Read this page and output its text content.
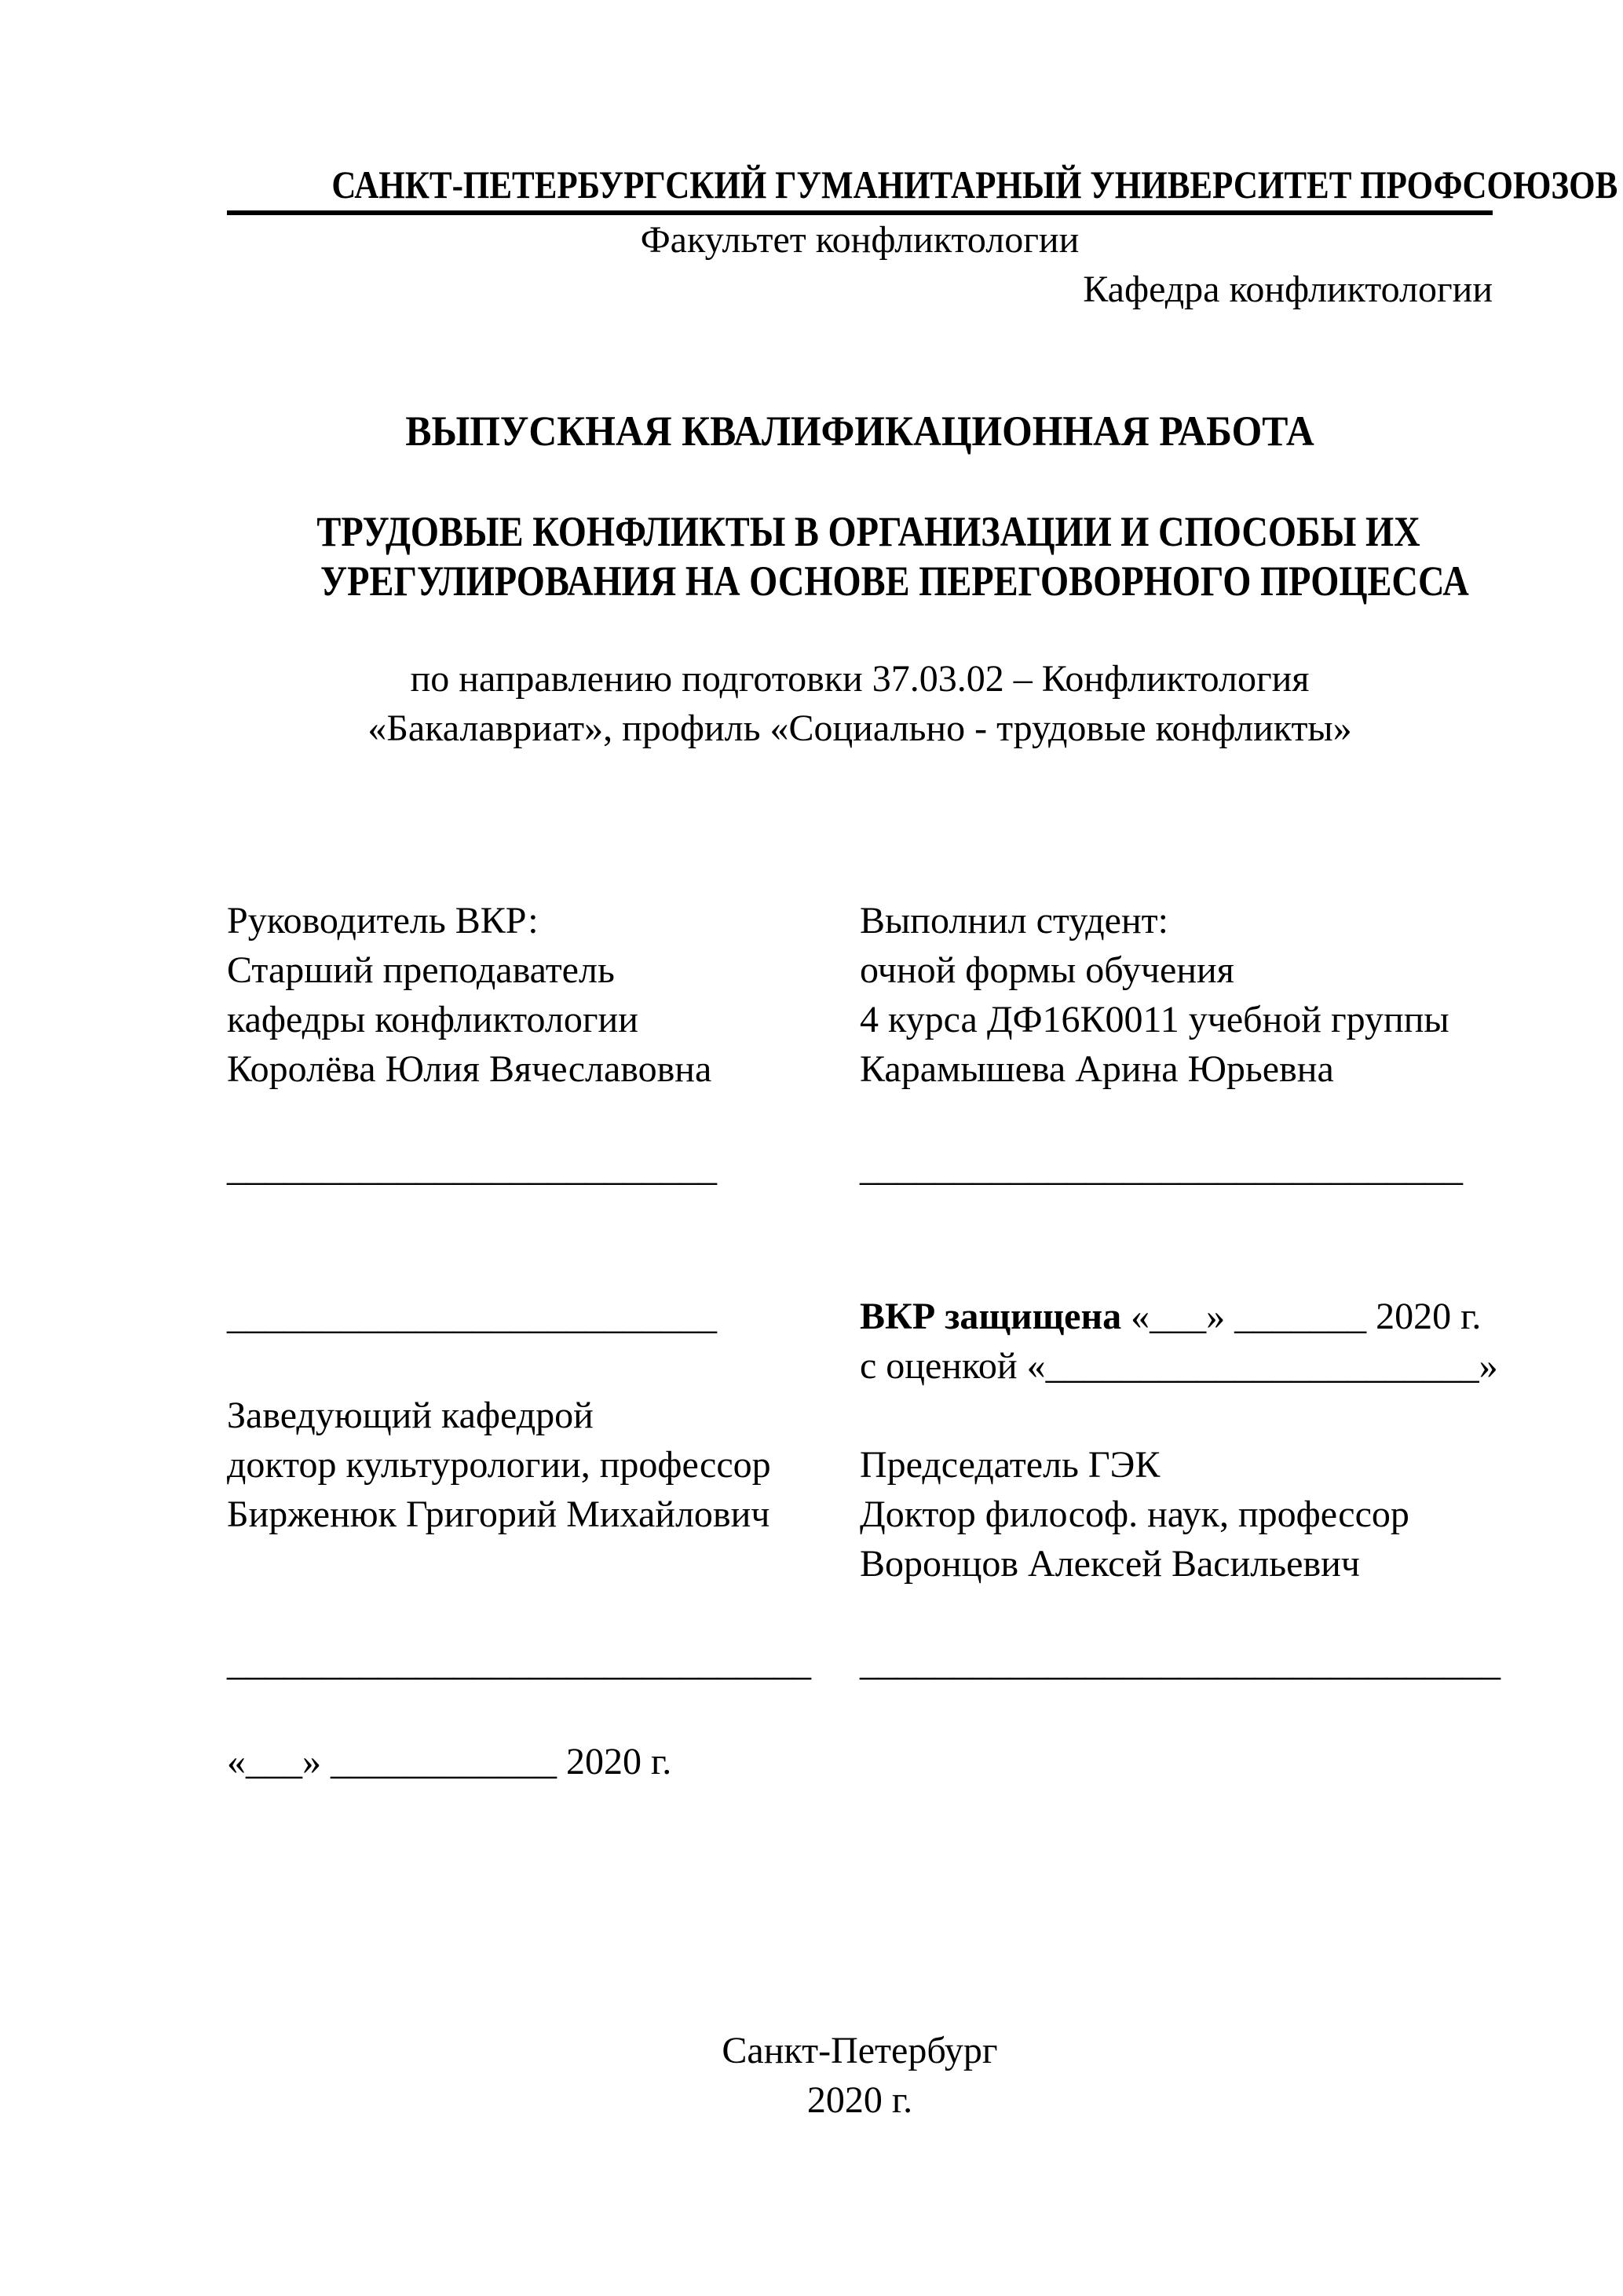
САНКТ-ПЕТЕРБУРГСКИЙ ГУМАНИТАРНЫЙ УНИВЕРСИТЕТ ПРОФСОЮЗОВ
Факультет конфликтологии
Кафедра конфликтологии
ВЫПУСКНАЯ КВАЛИФИКАЦИОННАЯ РАБОТА
ТРУДОВЫЕ КОНФЛИКТЫ В ОРГАНИЗАЦИИ И СПОСОБЫ ИХ
УРЕГУЛИРОВАНИЯ НА ОСНОВЕ ПЕРЕГОВОРНОГО ПРОЦЕССА
по направлению подготовки 37.03.02 – Конфликтология
«Бакалавриат», профиль «Социально - трудовые конфликты»
Руководитель ВКР:	Выполнил студент:
Старший преподаватель	очной формы обучения
кафедры конфликтологии	4 курса ДФ16К0011 учебной группы
Королёва Юлия Вячеславовна	Карамышева Арина Юрьевна
__________________________	________________________________
__________________________	ВКР защищена «___» _______ 2020 г.
с оценкой «_______________________»
Заведующий кафедрой
доктор культурологии, профессор	Председатель ГЭК
Бирженюк Григорий Михайлович	Доктор философ. наук, профессор
Воронцов Алексей Васильевич
_______________________________	__________________________________
«___» ____________ 2020 г.
Санкт-Петербург
2020 г.
